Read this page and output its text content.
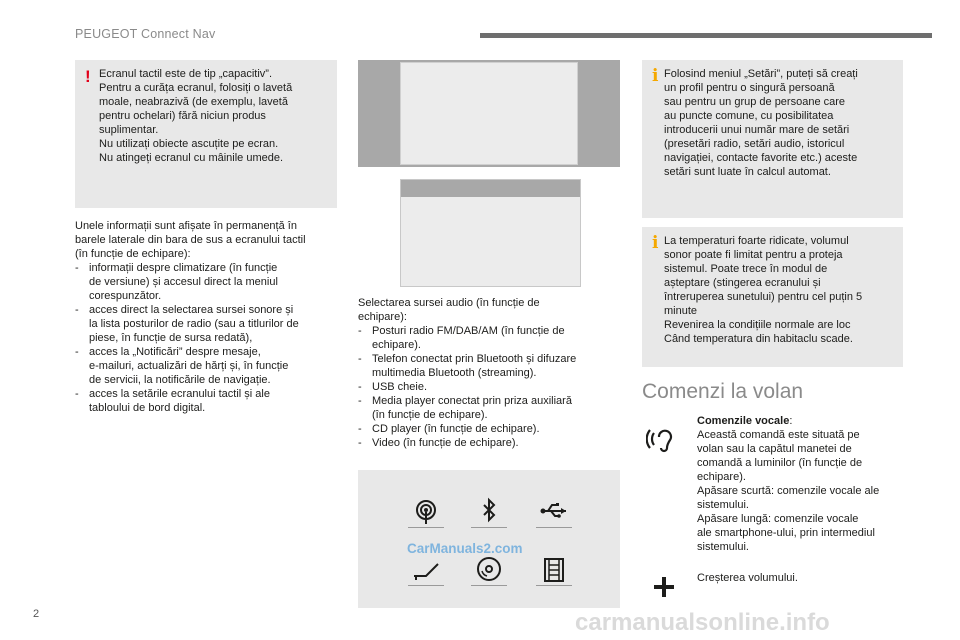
PEUGEOT Connect Nav
! Ecranul tactil este de tip „capacitiv”.
Pentru a curăța ecranul, folosiți o lavetă
moale, neabrazivă (de exemplu, lavetă
pentru ochelari) fără niciun produs
suplimentar.
Nu utilizați obiecte ascuțite pe ecran.
Nu atingeți ecranul cu mâinile umede.
Unele informații sunt afișate în permanență în
barele laterale din bara de sus a ecranului tactil
(în funcție de echipare):
- informații despre climatizare (în funcție
de versiune) și accesul direct la meniul
corespunzător.
- acces direct la selectarea sursei sonore și
la lista posturilor de radio (sau a titlurilor de
piese, în funcție de sursa redată),
- acces la „Notificări” despre mesaje,
e-mailuri, actualizări de hărți și, în funcție
de servicii, la notificările de navigație.
- acces la setările ecranului tactil și ale
tabloului de bord digital.
Selectarea sursei audio (în funcție de
echipare):
- Posturi radio FM/DAB/AM (în funcție de
echipare).
- Telefon conectat prin Bluetooth și difuzare
multimedia Bluetooth (streaming).
- USB cheie.
- Media player conectat prin priza auxiliară
(în funcție de echipare).
- CD player (în funcție de echipare).
- Video (în funcție de echipare).
CarManuals2.com
i Folosind meniul „Setări”, puteți să creați
un profil pentru o singură persoană
sau pentru un grup de persoane care
au puncte comune, cu posibilitatea
introducerii unui număr mare de setări
(presetări radio, setări audio, istoricul
navigației, contacte favorite etc.) aceste
setări sunt luate în calcul automat.
i La temperaturi foarte ridicate, volumul
sonor poate fi limitat pentru a proteja
sistemul. Poate trece în modul de
așteptare (stingerea ecranului și
întreruperea sunetului) pentru cel puțin 5
minute
Revenirea la condițiile normale are loc
Când temperatura din habitaclu scade.
Comenzi la volan
Comenzile vocale:
Această comandă este situată pe
volan sau la capătul manetei de
comandă a luminilor (în funcție de
echipare).
Apăsare scurtă: comenzile vocale ale
sistemului.
Apăsare lungă: comenzile vocale
ale smartphone-ului, prin intermediul
sistemului.
Creșterea volumului.
2	carmanualsonline.info
